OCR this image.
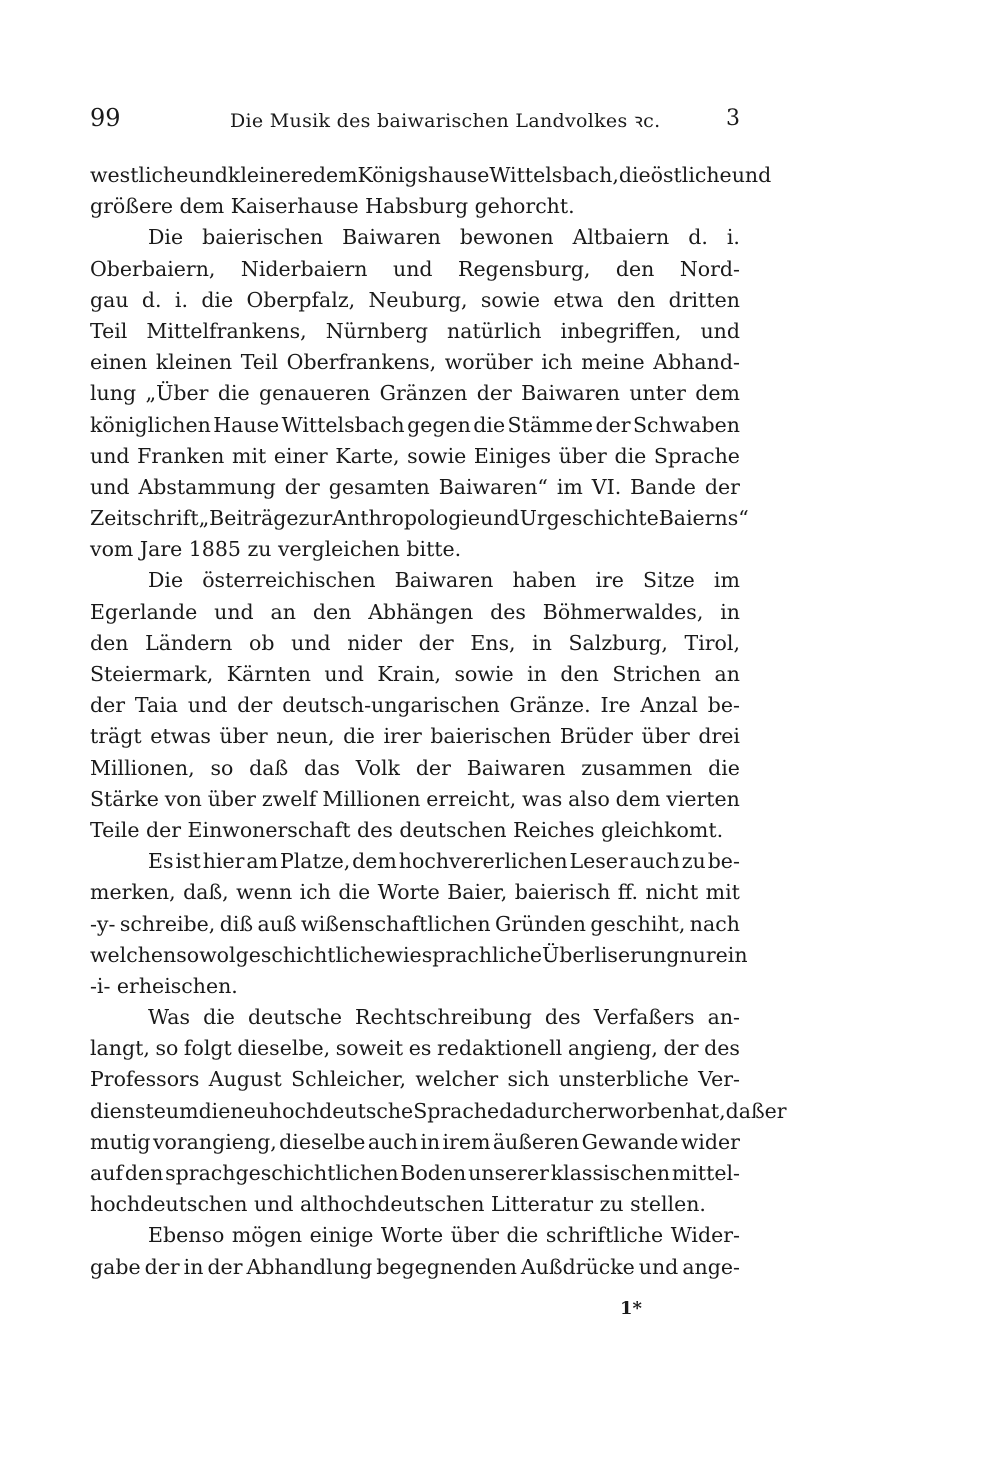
99	Die Musik des baiwarischen Landvolkes ꝛc.	3
westliche und kleinere dem Königshause Wittelsbach, die östliche und
größere dem Kaiserhause Habsburg gehorcht.
Die baierischen Baiwaren bewonen Altbaiern d. i.
Oberbaiern, Niderbaiern und Regensburg, den Nord-
gau d. i. die Oberpfalz, Neuburg, sowie etwa den dritten
Teil Mittelfrankens, Nürnberg natürlich inbegriffen, und
einen kleinen Teil Oberfrankens, worüber ich meine Abhand-
lung „Über die genaueren Gränzen der Baiwaren unter dem
königlichen Hause Wittelsbach gegen die Stämme der Schwaben
und Franken mit einer Karte, sowie Einiges über die Sprache
und Abstammung der gesamten Baiwaren“ im VI. Bande der
Zeitschrift „Beiträge zur Anthropologie und Urgeschichte Baierns“
vom Jare 1885 zu vergleichen bitte.
Die österreichischen Baiwaren haben ire Sitze im
Egerlande und an den Abhängen des Böhmerwaldes, in
den Ländern ob und nider der Ens, in Salzburg, Tirol,
Steiermark, Kärnten und Krain, sowie in den Strichen an
der Taia und der deutsch-ungarischen Gränze. Ire Anzal be-
trägt etwas über neun, die irer baierischen Brüder über drei
Millionen, so daß das Volk der Baiwaren zusammen die
Stärke von über zwelf Millionen erreicht, was also dem vierten
Teile der Einwonerschaft des deutschen Reiches gleichkomt.
Es ist hier am Platze, dem hochvererlichen Leser auch zu be-
merken, daß, wenn ich die Worte Baier, baierisch ff. nicht mit
-y- schreibe, diß auß wißenschaftlichen Gründen geschiht, nach
welchen sowol geschichtliche wie sprachliche Überliserung nur ein
-i- erheischen.
Was die deutsche Rechtschreibung des Verfaßers an-
langt, so folgt dieselbe, soweit es redaktionell angieng, der des
Professors August Schleicher, welcher sich unsterbliche Ver-
dienste um die neuhochdeutsche Sprache dadurch erworben hat, daß er
mutig vorangieng, dieselbe auch in irem äußeren Gewande wider
auf den sprachgeschichtlichen Boden unserer klassischen mittel-
hochdeutschen und althochdeutschen Litteratur zu stellen.
Ebenso mögen einige Worte über die schriftliche Wider-
gabe der in der Abhandlung begegnenden Außdrücke und ange-
1*
